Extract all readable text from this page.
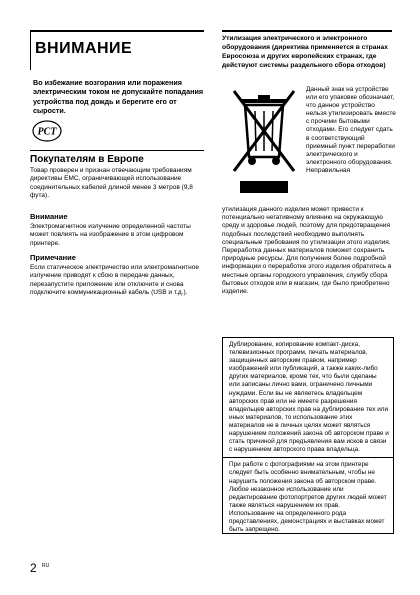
ВНИМАНИЕ
Во избежание возгорания или поражения электрическим током не допускайте попадания устройства под дождь и берегите его от сырости.
РСТ
Покупателям в Европе
Товар проверен и признан отвечающим требованиям директивы EMC, ограничивающей использование соединительных кабелей длиной менее 3 метров (9,8 фута).
Внимание
Электромагнитное излучение определенной частоты может повлиять на изображение в этом цифровом принтере.
Примечание
Если статическое электричество или электромагнитное излучение приводят к сбою в передаче данных, перезапустите приложение или отключите и снова подключите коммуникационный кабель (USB и т.д.).
Утилизация электрического и электронного оборудования (директива применяется в странах Евросоюза и других европейских странах, где действуют системы раздельного сбора отходов)
Данный знак на устройстве или его упаковке обозначает, что данное устройство нельзя утилизировать вместе с прочими бытовыми отходами. Его следует сдать в соответствующий приемный пункт переработки электрического и электронного оборудования. Неправильная
утилизация данного изделия может привести к потенциально негативному влиянию на окружающую среду и здоровье людей, поэтому для предотвращения подобных последствий необходимо выполнять специальные требования по утилизации этого изделия. Переработка данных материалов поможет сохранить природные ресурсы. Для получения более подробной информации о переработке этого изделия обратитесь в местные органы городского управления, службу сбора бытовых отходов или в магазин, где было приобретено изделие.

Дублирование, копирование компакт-диска, телевизионных программ, печать материалов, защищенных авторским правом, например изображений или публикаций, а также каких-либо других материалов, кроме тех, что были сделаны или записаны лично вами, ограничено личными нуждами. Если вы не являетесь владельцем авторских прав или не имеете разрешения владельцев авторских прав на дублирование тех или иных материалов, то использование этих материалов не в личных целях может являться нарушением положений закона об авторском праве и стать причиной для предъявления вам исков в связи с нарушением авторского права владельца.

При работе с фотографиями на этом принтере следует быть особенно внимательным, чтобы не нарушить положения закона об авторском праве. Любое незаконное использование или редактирование фотопортретов других людей может также являться нарушением их прав.

Использование на определенного рода представлениях, демонстрациях и выставках может быть запрещено.

2 RU
